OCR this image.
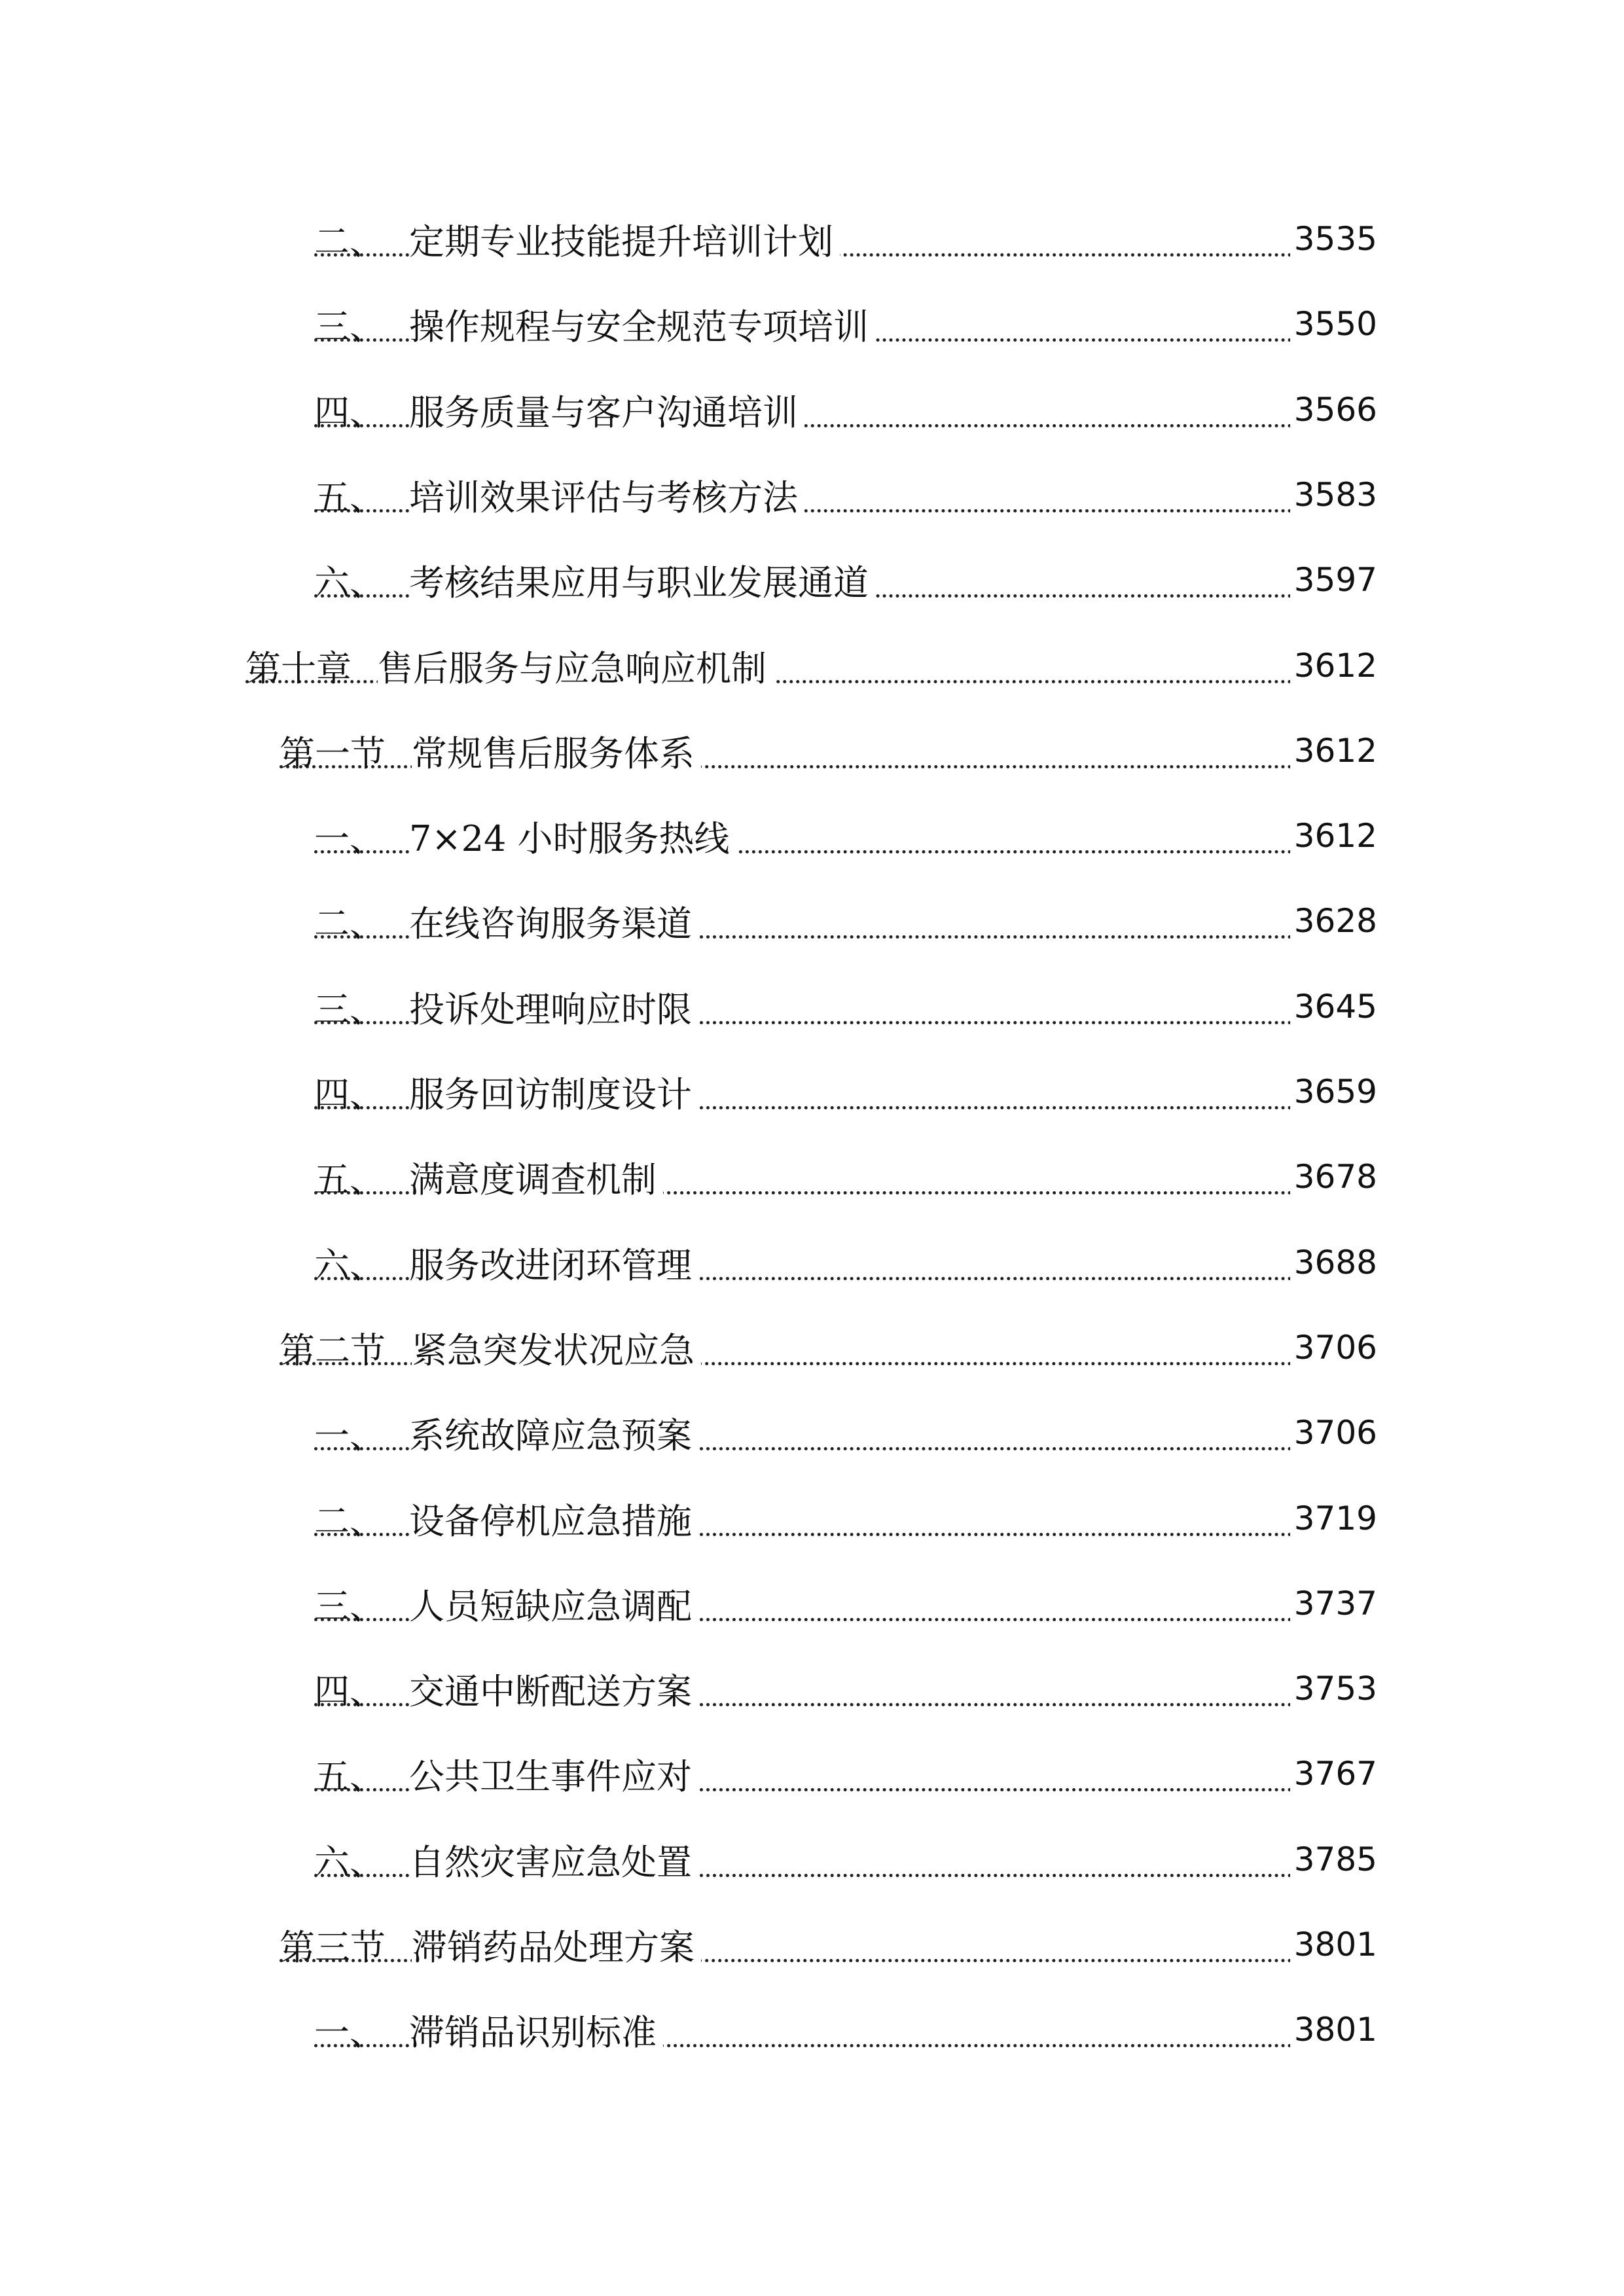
二、 定期专业技能提升培训计划	3535
三、 操作规程与安全规范专项培训	3550
四、 服务质量与客户沟通培训	3566
五、 培训效果评估与考核方法	3583
六、 考核结果应用与职业发展通道	3597
第十章 售后服务与应急响应机制	3612
第一节 常规售后服务体系	3612
一、 7×24 小时服务热线	3612
二、 在线咨询服务渠道	3628
三、 投诉处理响应时限	3645
四、 服务回访制度设计	3659
五、 满意度调查机制	3678
六、 服务改进闭环管理	3688
第二节 紧急突发状况应急	3706
一、 系统故障应急预案	3706
二、 设备停机应急措施	3719
三、 人员短缺应急调配	3737
四、 交通中断配送方案	3753
五、 公共卫生事件应对	3767
六、 自然灾害应急处置	3785
第三节 滞销药品处理方案	3801
一、 滞销品识别标准	3801
